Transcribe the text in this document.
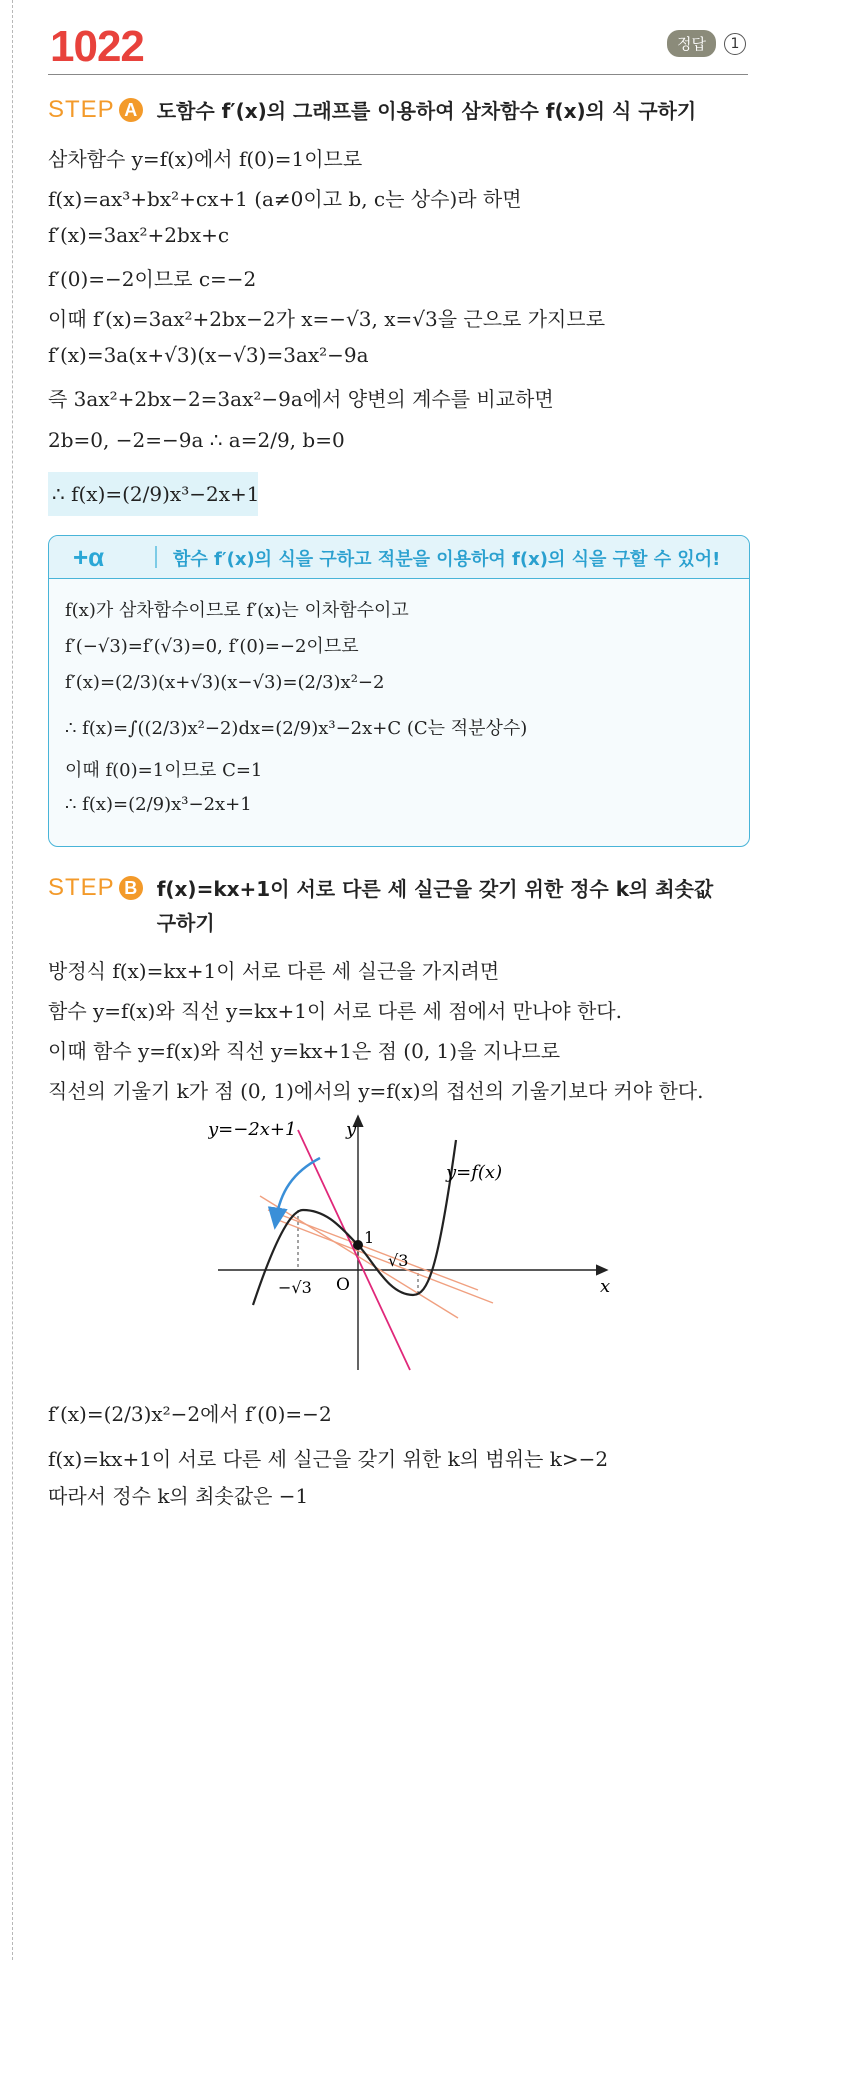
1022	정답	1
STEP A 도함수 f′(x)의 그래프를 이용하여 삼차함수 f(x)의 식 구하기
삼차함수 y=f(x)에서 f(0)=1이므로
f(x)=ax³+bx²+cx+1 (a≠0이고 b, c는 상수)라 하면
f′(x)=3ax²+2bx+c
f′(0)=−2이므로 c=−2
이때 f′(x)=3ax²+2bx−2가 x=−√3, x=√3을 근으로 가지므로
f′(x)=3a(x+√3)(x−√3)=3ax²−9a
즉 3ax²+2bx−2=3ax²−9a에서 양변의 계수를 비교하면
2b=0, −2=−9a ∴ a=2/9, b=0
∴ f(x)=(2/9)x³−2x+1
+α	함수 f′(x)의 식을 구하고 적분을 이용하여 f(x)의 식을 구할 수 있어!
f(x)가 삼차함수이므로 f′(x)는 이차함수이고
f′(−√3)=f′(√3)=0, f′(0)=−2이므로
f′(x)=(2/3)(x+√3)(x−√3)=(2/3)x²−2
∴ f(x)=∫((2/3)x²−2)dx=(2/9)x³−2x+C (C는 적분상수)
이때 f(0)=1이므로 C=1
∴ f(x)=(2/9)x³−2x+1
STEP B f(x)=kx+1이 서로 다른 세 실근을 갖기 위한 정수 k의 최솟값
구하기
방정식 f(x)=kx+1이 서로 다른 세 실근을 가지려면
함수 y=f(x)와 직선 y=kx+1이 서로 다른 세 점에서 만나야 한다.
이때 함수 y=f(x)와 직선 y=kx+1은 점 (0, 1)을 지나므로
직선의 기울기 k가 점 (0, 1)에서의 y=f(x)의 접선의 기울기보다 커야 한다.
y=−2x+1	y
y=f(x)
x
O
1
√3
−√3
f′(x)=(2/3)x²−2에서 f′(0)=−2
f(x)=kx+1이 서로 다른 세 실근을 갖기 위한 k의 범위는 k>−2
따라서 정수 k의 최솟값은 −1
